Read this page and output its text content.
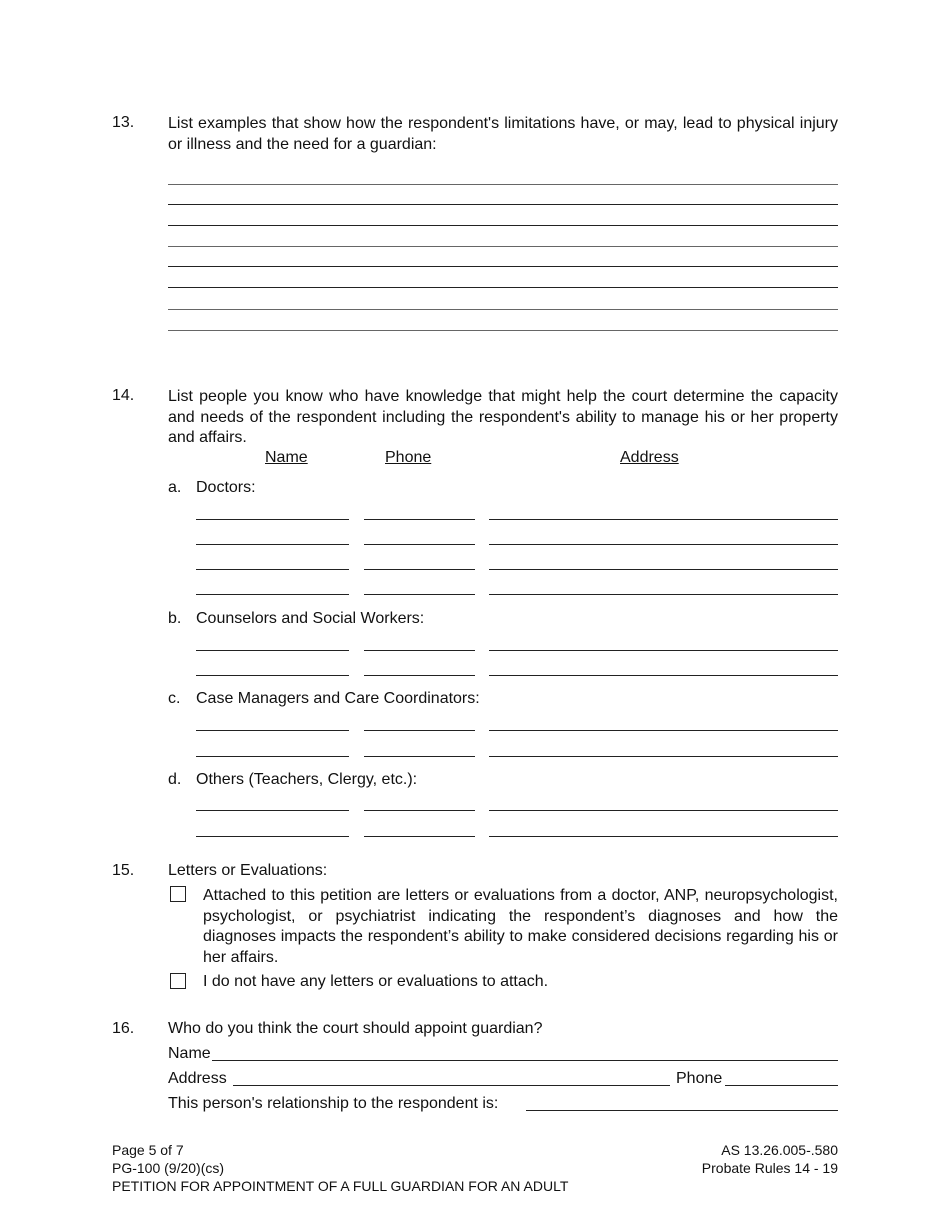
13. List examples that show how the respondent's limitations have, or may, lead to physical injury or illness and the need for a guardian:
14. List people you know who have knowledge that might help the court determine the capacity and needs of the respondent including the respondent's ability to manage his or her property and affairs.
Name	Phone	Address
a. Doctors:
b. Counselors and Social Workers:
c. Case Managers and Care Coordinators:
d. Others (Teachers, Clergy, etc.):
15. Letters or Evaluations:
Attached to this petition are letters or evaluations from a doctor, ANP, neuropsychologist, psychologist, or psychiatrist indicating the respondent’s diagnoses and how the diagnoses impacts the respondent’s ability to make considered decisions regarding his or her affairs.
I do not have any letters or evaluations to attach.
16. Who do you think the court should appoint guardian?
Name
Address	Phone
This person's relationship to the respondent is:
Page 5 of 7
PG-100 (9/20)(cs)
PETITION FOR APPOINTMENT OF A FULL GUARDIAN FOR AN ADULT
AS 13.26.005-.580
Probate Rules 14 - 19
